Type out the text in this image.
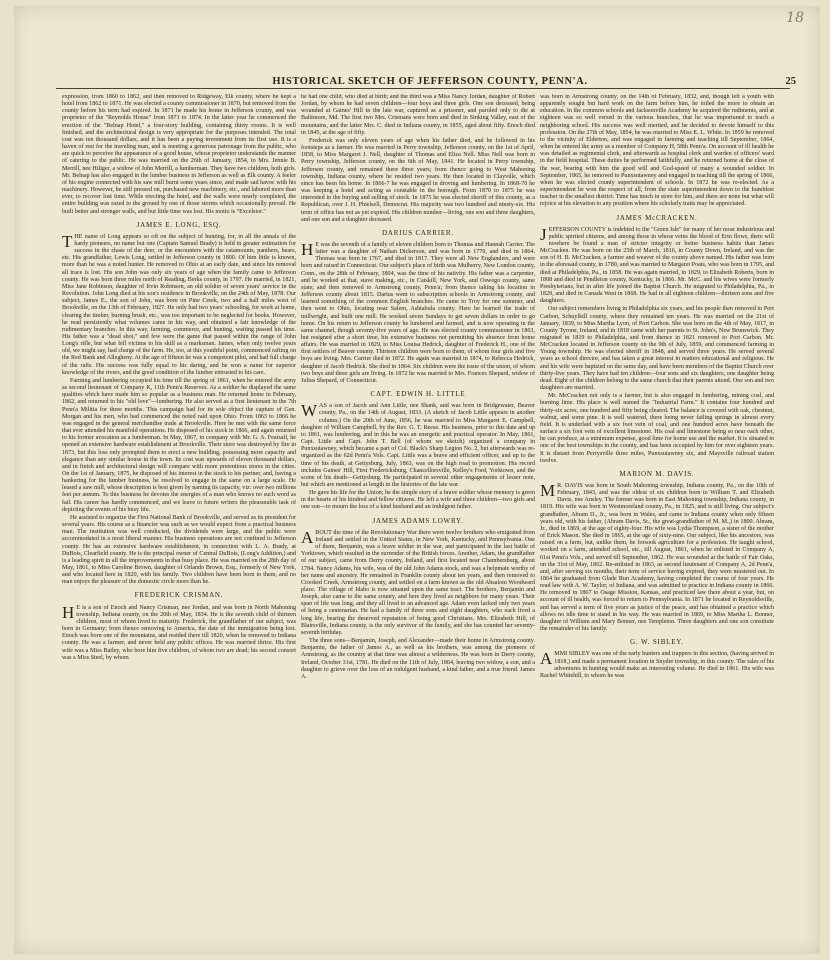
18
HISTORICAL SKETCH OF JEFFERSON COUNTY, PENN'A.	25

expression, from 1860 to 1862, and then removed to Ridgeway, Elk county, where he kept a hotel from 1862 to 1871. He was elected a county commissioner in 1870, but removed from the county before his term had expired. In 1871 he made his home in Jefferson county, and was proprietor of the "Reynolds House" from 1871 to 1874. In the latter year he commenced the erection of the "Belnap Hotel," a four-story building, containing thirty rooms. It is well finished, and the architectural design is very appropriate for the purposes intended. The total cost was ten thousand dollars, and it has been a paying investment from its first use. It is a haven of rest for the traveling man, and is meeting a generous patronage from the public, who are quick to perceive the appearance of a good house, whose proprietor understands the manner of catering to the public. He was married on the 26th of January, 1854, to Mrs. Jennie B. Merrill, nee Hiliger, a widow of John Merrill, a lumberman. They have two children, both girls. Mr. Belnap has also engaged in the lumber business in Jefferson as well as Elk county. A feeler of his engine connected with his saw mill burnt some years since, and made sad havoc with his machinery. However, he still pressed on, purchased new machinery, etc., and labored more than ever, to recover lost time. While erecting the hotel, and the walls were nearly completed, the entire building was razed to the ground by one of those storms which occasionally prevail. He built better and stronger walls, and but little time was lost. His motto is "Excelsior."

JAMES E. LONG, ESQ.

THE name of Long appears so oft on the subject of hunting, for, in all the annals of the hardy pioneers, no name but one (Captain Samuel Brady) is held in greater estimation for success in the chase of the deer, or the encounters with the catamounts, panthers, bears, etc. His grandfather, Lewis Long, settled in Jefferson county in 1800. Of him little is known, more than he was a noted hunter. He removed to Ohio at an early date, and since his removal all trace is lost. His son John was only six years of age when the family came to Jefferson county. He was born three miles north of Reading, Berks county, in 1797. He married, in 1821, Miss Jane Robinson, daughter of Irvin Robinson, an old soldier of seven years' service in the Revolution. John Long died at his son's residence in Brookville, on the 24th of May, 1878. Our subject, James E., the son of John, was born on Pine Creek, two and a half miles west of Brookville, on the 13th of February, 1827. He only had two years' schooling, for work at home, clearing the timber, burning brush, etc., was too important to be neglected for books. However, he read persistently what volumes came in his way, and obtained a fair knowledge of the rudimentary branches. In this way, farming, commerce, and hunting, waiting passed his time. His father was a "dead shot," and few were the game that passed within the range of John Long's rifle, but what fell victims to his skill as a marksman. James, when only twelve years old, we might say, had charge of the farm. He, too, at this youthful point, commenced rafting on the Red Bank and Allegheny. At the age of fifteen he was a competent pilot, and had full charge of the rafts. His success was fully equal to his daring, and he won a name for superior knowledge of the rivers, and the good condition of the lumber entrusted to his care.

Farming and lumbering occupied his time till the spring of 1861, when he entered the army as second lieutenant of Company K, 11th Penn'a Reserves. As a soldier he displayed the same qualities which have made him so popular as a business man. He returned home in February, 1862, and returned to his "old love"—lumbering. He also served as a first lieutenant in the 7th Penn'a Militia for three months. This campaign had for its sole object the capture of Gen. Morgan and his men, who had commenced the noted raid upon Ohio. From 1863 to 1866 he was engaged in the general merchandise trade at Brookville. Here he met with the same force that ever attended his manifold operations. He disposed of his stock in 1866, and again returned to his former avocation as a lumberman. In May, 1867, in company with Mr. G. A. Fearsall, he opened an extensive hardware establishment at Brookville. Their store was destroyed by fire in 1873, but this loss only prompted them to erect a new building, possessing more capacity and elegance than any similar house in the town. Its cost was upwards of eleven thousand dollars, and in finish and architectural design will compare with more pretentious stores in the cities. On the 1st of January, 1875, he disposed of his interest in the stock to his partner, and, having a hankering for the lumber business, he resolved to engage in the same on a large scale. He leased a saw mill, whose description is best given by naming its capacity, viz: over two millions feet per annum. To this business he devotes the energies of a man who knows no such word as fail. His career has hardly commenced, and we leave to future writers the pleasurable task of depicting the events of his busy life.

He assisted to organize the First National Bank of Brookville, and served as its president for several years. His course as a financier was such as we would expect from a practical business man. The institution was well conducted, the dividends were large, and the public were accommodated in a most liberal manner. His business operations are not confined to Jefferson county. He has an extensive hardware establishment, in connection with L. A. Brady, at DuBois, Clearfield county. He is the principal owner of Central DuBois, (Long's Addition,) and is a leading spirit in all the improvements in that busy place. He was married on the 28th day of May, 1861, to Miss Caroline Brown, daughter of Orlando Brown, Esq., formerly of New York, and who located here in 1820, with his family. Two children have been born to them, and no man enjoys the pleasure of the domestic circle more than he.

FREDERICK CRISMAN.

H E is a son of Enoch and Nancy Crisman, nee Jordan, and was born in North Mahoning township, Indiana county, on the 20th of May, 1834. He is the seventh child of thirteen children, most of whom lived to maturity. Frederick, the grandfather of our subject, was born in Germany; from thence removing to America, the date of the immigration being lost. Enoch was born one of the mountains, and resided there till 1820, when he removed to Indiana county. He was a farmer, and never held any public offices. He was married thrice. His first wife was a Miss Bailey, who bore him five children, of whom two are dead; his second consort was a Miss Steel, by whom

he had one child, who died at birth; and the third was a Miss Nancy Jordan, daughter of Robert Jordan, by whom he had seven children—four boys and three girls. One son deceased, being wounded at Gaines' Hill in the late war, captured as a prisoner, and paroled only to die at Baltimore, Md. The first two Mrs. Crismans were born and died in Sinking Valley, east of the mountains, and the latter Mrs. C. died in Indiana county, in 1855, aged about fifty. Enoch died in 1845, at the age of fifty.

Frederick was only eleven years of age when his father died, and he followed in his footsteps as a farmer. He was married in Perry township, Jefferson county, on the 1st of April, 1858, to Miss Margaret J. Nell, daughter of Thomas and Eliza Nell. Miss Nell was born in Perry township, Jefferson county, on the 6th of May, 1841. He located in Perry township, Jefferson county, and remained there three years; from thence going to West Mahoning township, Indiana county, where he resided two years. He then located in Clayville, which since has been his home. In 1866-7 he was engaged in droving and lumbering. In 1868-70 he was keeping a hotel and acting as constable in the borough. From 1870 to 1875 he was interested in the buying and selling of stock. In 1875 he was elected sheriff of this county, as a Republican, over J. H. Phielsell, Democrat. His majority was two hundred and ninety-six. His term of office has not as yet expired. His children number—living, one son and three daughters, and one son and a daughter deceased.

DARIUS CARRIER.

H E was the seventh of a family of eleven children born to Thomas and Hannah Carrier. The latter was a daughter of Nathan Dickerson, and was born in 1770, and died in 1864. Thomas was born in 1767, and died in 1817. They were all New Englanders, and were born and raised in Connecticut. Our subject's place of birth was Mulberry, New London county, Conn., on the 28th of February, 1804, was the time of his nativity. His father was a carpenter, and he worked at that, stave making, etc., in Catskill, New York, and Oswego county, same state; and then removed to Armstrong county, Penn'a; from thence taking his location in Jefferson county about 1815. Darius went to subscription schools in Armstrong county, and learned something of the common English branches. He came to Troy for one summer, and then went to Ohio, locating near Salem, Ashtabula county. Here he learned the trade of millwright, and built one mill. He worked seven Sundays to get seven dollars in order to go home. On his return to Jefferson county he lumbered and farmed, and is now operating in the same channel, though seventy-five years of age. He was elected county commissioner in 1863, but resigned after a short time, his extensive business not permitting his absence from home affairs. He was married in 1829, to Miss Louisa Hedrick, daughter of Frederick H., one of the first settlers of Beaver county. Thirteen children were born to them, of whom four girls and five boys are living. Mrs. Carrier died in 1872. He again was married in 1874, to Rebecca Hedrick, daughter of Jacob Hedrick. She died in 1864. Six children were the issue of the union, of whom two boys and three girls are living. In 1872 he was married to Mrs. Frances Shepard, widow of Julius Shepard, of Connecticut.

CAPT. EDWIN H. LITTLE

WAS a son of Jacob and Ann Little, nee Shank, and was born in Bridgewater, Beaver county, Pa., on the 14th of August, 1833. (A sketch of Jacob Little appears in another column.) On the 20th of June, 1856, he was married to Miss Margaret E. Campbell, daughter of William Campbell, by the Rev. G. T. Reese. His business, prior to this date and up to 1861, was lumbering, and in this he was an energetic and practical operator. In May, 1861, Capt. Little and Capt. John T. Bell (of whom we sketch) organized a company in Punxsutawney, which became a part of Col. Black's Sharp Legion No. 2, but afterwards was re-organized as the 62d Penn'a Vols. Capt. Little was a brave and efficient officer, and up to the time of his death, at Gettysburg, July, 1863, was on the high road to promotion. His record includes Gaines' Hill, First Fredericksburg, Chancellorsville, Kelley's Ford, Yorktown, and the scene of his death—Gettysburg. He participated in several other engagements of lesser note, but which are mentioned at length in the histories of the late war.

He gave his life for the Union; he the simple story of a brave soldier whose memory is green in the hearts of his kindred and fellow citizens. He left a wife and three children—two girls and one son—to mourn the loss of a kind husband and an indulgent father.

JAMES ADAMS LOWRY.

ABOUT the time of the Revolutionary War there were twelve brothers who emigrated from Ireland and settled in the United States, in New York, Kentucky, and Pennsylvania. One of them, Benjamin, was a brave soldier in the war, and participated in the last battle of Yorktown, which resulted in the surrender of the British forces. Another, Adam, the grandfather of our subject, came from Derry county, Ireland, and first located near Chambersburg, about 1784. Nancy Adams, his wife, was of the old John Adams stock, and was a helpmate worthy of her name and ancestry. He remained in Franklin county about ten years, and then removed to Crooked Creek, Armstrong county, and settled on a farm known as the old Absalom Woodward place. The village of Idaho is now situated upon the same tract. The brothers, Benjamin and Joseph, also came to the same county, and here they lived as neighbors for many years. Their span of life was long, and they all lived to an advanced age. Adam even lacked only two years of being a centenarian. He had a family of three sons and eight daughters, who each lived a long life, bearing the deserved reputation of being good Christians. Mrs. Elizabeth Hill, of Blairsville, Indiana county, is the only survivor of the family, and she has counted her seventy-seventh birthday.

The three sons—Benjamin, Joseph, and Alexander—made their home in Armstrong county. Benjamin, the father of James A., as well as his brothers, was among the pioneers of Armstrong, as the country at that time was almost a wilderness. He was born in Derry county, Ireland, October 31st, 1781. He died on the 11th of July, 1864, leaving two widow, a son, and a daughter to grieve over the loss of an indulgent husband, a kind father, and a true friend. James A.

was born in Armstrong county, on the 14th of February, 1832, and, though left a youth with apparently sought but hard work on the farm before him, he toiled the more to obtain an education. In the common schools and Jacksonville Academy he acquired the rudiments, and at eighteen was so well versed in the various branches, that he was importuned to teach a neighboring school. His success was well merited, and he decided to devote himself to this profession. On the 27th of May, 1854, he was married to Miss E. L. White. In 1859 he removed to the vicinity of Elderton, and was engaged in farming and teaching till September, 1864, when he entered the army as a member of Company H, 58th Penn'a. On account of ill health he was detailed as regimental clerk, and afterwards as hospital clerk and warden of officers' ward in the field hospital. These duties he performed faithfully, and he returned home at the close of the war, bearing with him the good will and God-speed of many a wounded soldier. In September, 1865, he removed to Punxsutawney and engaged in teaching till the spring of 1866, when he was elected county superintendent of schools. In 1872 he was re-elected. As a superintendent he won the respect of all, from the state superintendent down to the humblest teacher in the smallest district. Time has much in store for him, and there are none but what will rejoice at his elevation to any position where his scholarly traits may be appreciated.

JAMES McCRACKEN.

JEFFERSON COUNTY is indebted to the "Green Isle" for many of her most industrious and public spirited citizens, and among those in whose veins the blood of Erin flows, there will nowhere be found a man of stricter integrity or better business habits than James McCracken. He was born on the 25th of March, 1816, in County Down, Ireland, and was the son of H. B. McCracken, a farmer and weaver of the county above named. His father was born in the aforesaid county, in 1780, and was married to Margaret Poats, who was born in 1795, and died at Philadelphia, Pa., in 1858. He was again married, in 1829, to Elizabeth Roberts, born in 1808 and died in Pendleton county, Kentucky, in 1866. Mr. McC. and his wives were formerly Presbyterians, but in after life joined the Baptist Church. He migrated to Philadelphia, Pa., in 1829, and died in Canada West in 1868. He had in all eighteen children—thirteen sons and five daughters.

Our subject remembers living in Philadelphia six years, and his people then removed to Port Carbon, Schuylkill county, where they remained ten years. He was married on the 21st of January, 1839, to Miss Martha Lyon, of Port Carbon. She was born on the 4th of May, 1817, in County Tyrone, Ireland, and in 1818 came with her parents to St. John's, New Brunswick. They migrated in 1819 to Philadelphia, and from thence in 1821 removed to Port Carbon. Mr. McCracken located in Jefferson county on the 9th of July, 1859, and commenced farming in Young township. He was elected sheriff in 1848, and served three years. He served several years as school director, and has taken a great interest in matters educational and religious. He and his wife were baptized on the same day, and have been members of the Baptist Church over thirty-five years. They have had ten children—four sons and six daughters, one daughter being dead. Eight of the children belong to the same church that their parents attend. One son and two daughters are married.

Mr. McCracken not only is a farmer, but is also engaged in lumbering, mining coal, and burning lime. His place is well named the "Industrial Farm." It contains four hundred and thirty-six acres, one hundred and fifty being cleared. The balance is covered with oak, chestnut, walnut, and some pine. It is well watered, there being never failing springs in almost every field. It is underlaid with a six foot vein of coal, and one hundred acres have beneath the surface a six foot vein of excellent limestone. His coal and limestone being so near each other, he can produce, at a minimum expense, good lime for home use and the market. It is situated in one of the best townships in the county, and has been occupied by him for over eighteen years. It is distant from Perrysville three miles, Punxsutawney six, and Maysville railroad station twelve.

MARION M. DAVIS.

M R. DAVIS was born in South Mahoning township, Indiana county, Pa., on the 10th of February, 1843, and was the oldest of six children born to William T. and Elizabeth Davis, nee Ansley. The former was born in East Mahoning township, Indiana county, in 1819. His wife was born in Westmoreland county, Pa., in 1825, and is still living. Our subject's grandfather, Abram D., Jr., was born in Wales, and came to Indiana county when only fifteen years old, with his father, (Abram Davis, Sr., the great-grandfather of M. M.,) in 1800. Abram, Jr., died in 1869, at the age of eighty-four. His wife was Lydia Thompson, a sister of the mother of Erick Mason. She died in 1865, at the age of sixty-nine. Our subject, like his ancestors, was raised on a farm, but, unlike them, he forsook agriculture for a profession. He taught school, worked on a farm, attended school, etc., till August, 1861, when he enlisted in Company A, 61st Penn'a Vols., and served till September, 1862. He was wounded at the battle of Fair Oaks, on the 31st of May, 1862. Re-enlisted in 1863, as second lieutenant of Company A, 2d Penn'a, and, after serving six months, their term of service having expired, they were mustered out. In 1864 he graduated from Glade Run Academy, having completed the course of four years. He read law with A. W. Taylor, of Indiana, and was admitted to practice in Indiana county in 1866. He removed in 1867 to Osage Mission, Kansas, and practiced law there about a year, but, on account of ill health, was forced to return to Pennsylvania. In 1871 he located in Reynoldsville, and has served a term of five years as justice of the peace, and has obtained a practice which allows no idle time to stand in his way. He was married in 1869, to Miss Martha L. Bonner, daughter of William and Mary Bonner, nee Templeton. Three daughters and one son constitute the remainder of his family.

G. W. SIBLEY.

AMMI SIBLEY was one of the early hunters and trappers in this section, (having arrived in 1818,) and made a permanent location in Snyder township, in this county. The tales of his adventures in hunting would make an interesting volume. He died in 1861. His wife was Rachel Whitehill, to whom he was
